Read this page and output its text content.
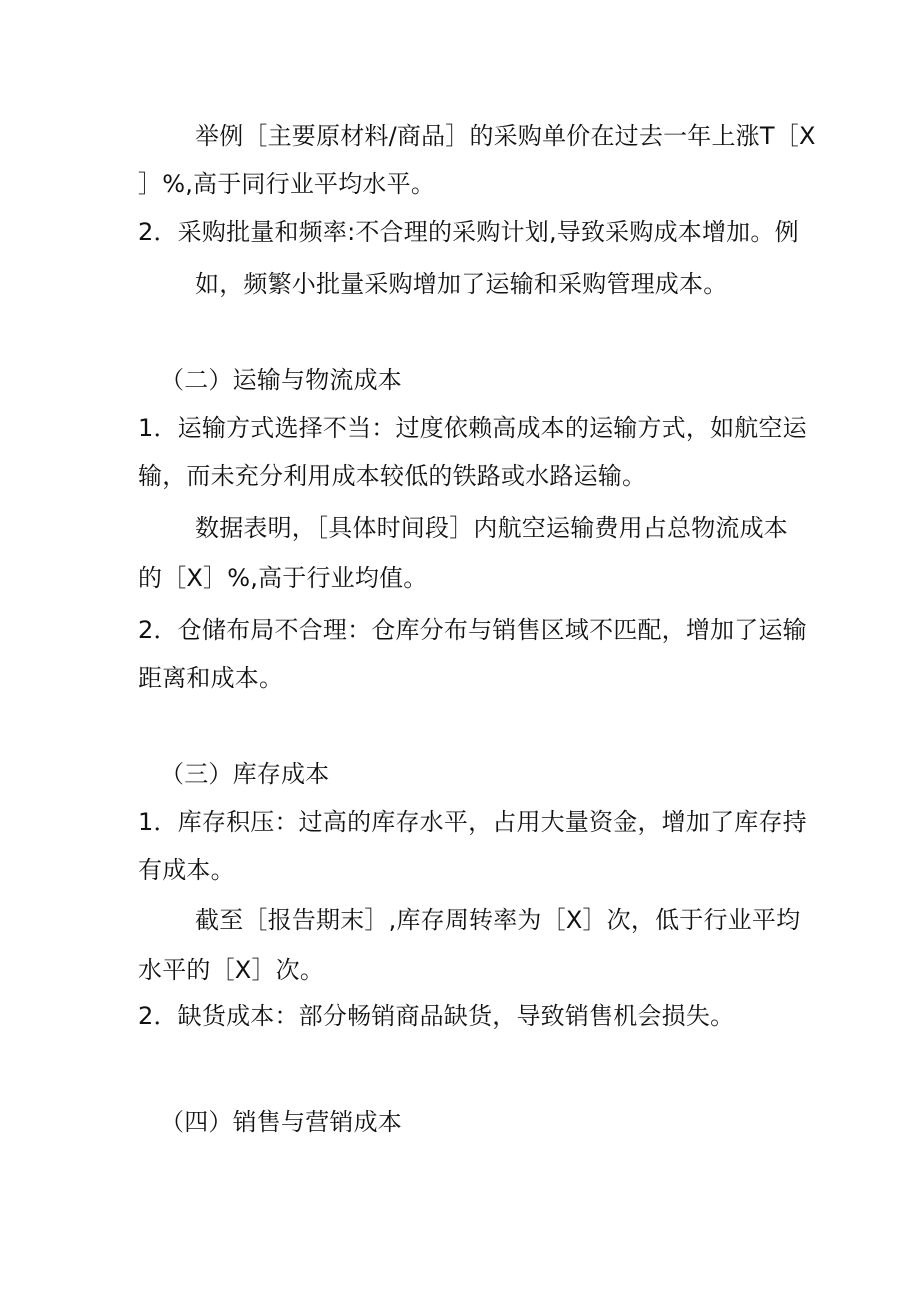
举例［主要原材料/商品］的采购单价在过去一年上涨T［X
］%,高于同行业平均水平。
2．采购批量和频率:不合理的采购计划,导致采购成本增加。例
如，频繁小批量采购增加了运输和采购管理成本。
（二）运输与物流成本
1．运输方式选择不当：过度依赖高成本的运输方式，如航空运
输，而未充分利用成本较低的铁路或水路运输。
数据表明，［具体时间段］内航空运输费用占总物流成本
的［X］%,高于行业均值。
2．仓储布局不合理：仓库分布与销售区域不匹配，增加了运输
距离和成本。
（三）库存成本
1．库存积压：过高的库存水平，占用大量资金，增加了库存持
有成本。
截至［报告期末］,库存周转率为［X］次，低于行业平均
水平的［X］次。
2．缺货成本：部分畅销商品缺货，导致销售机会损失。
（四）销售与营销成本
